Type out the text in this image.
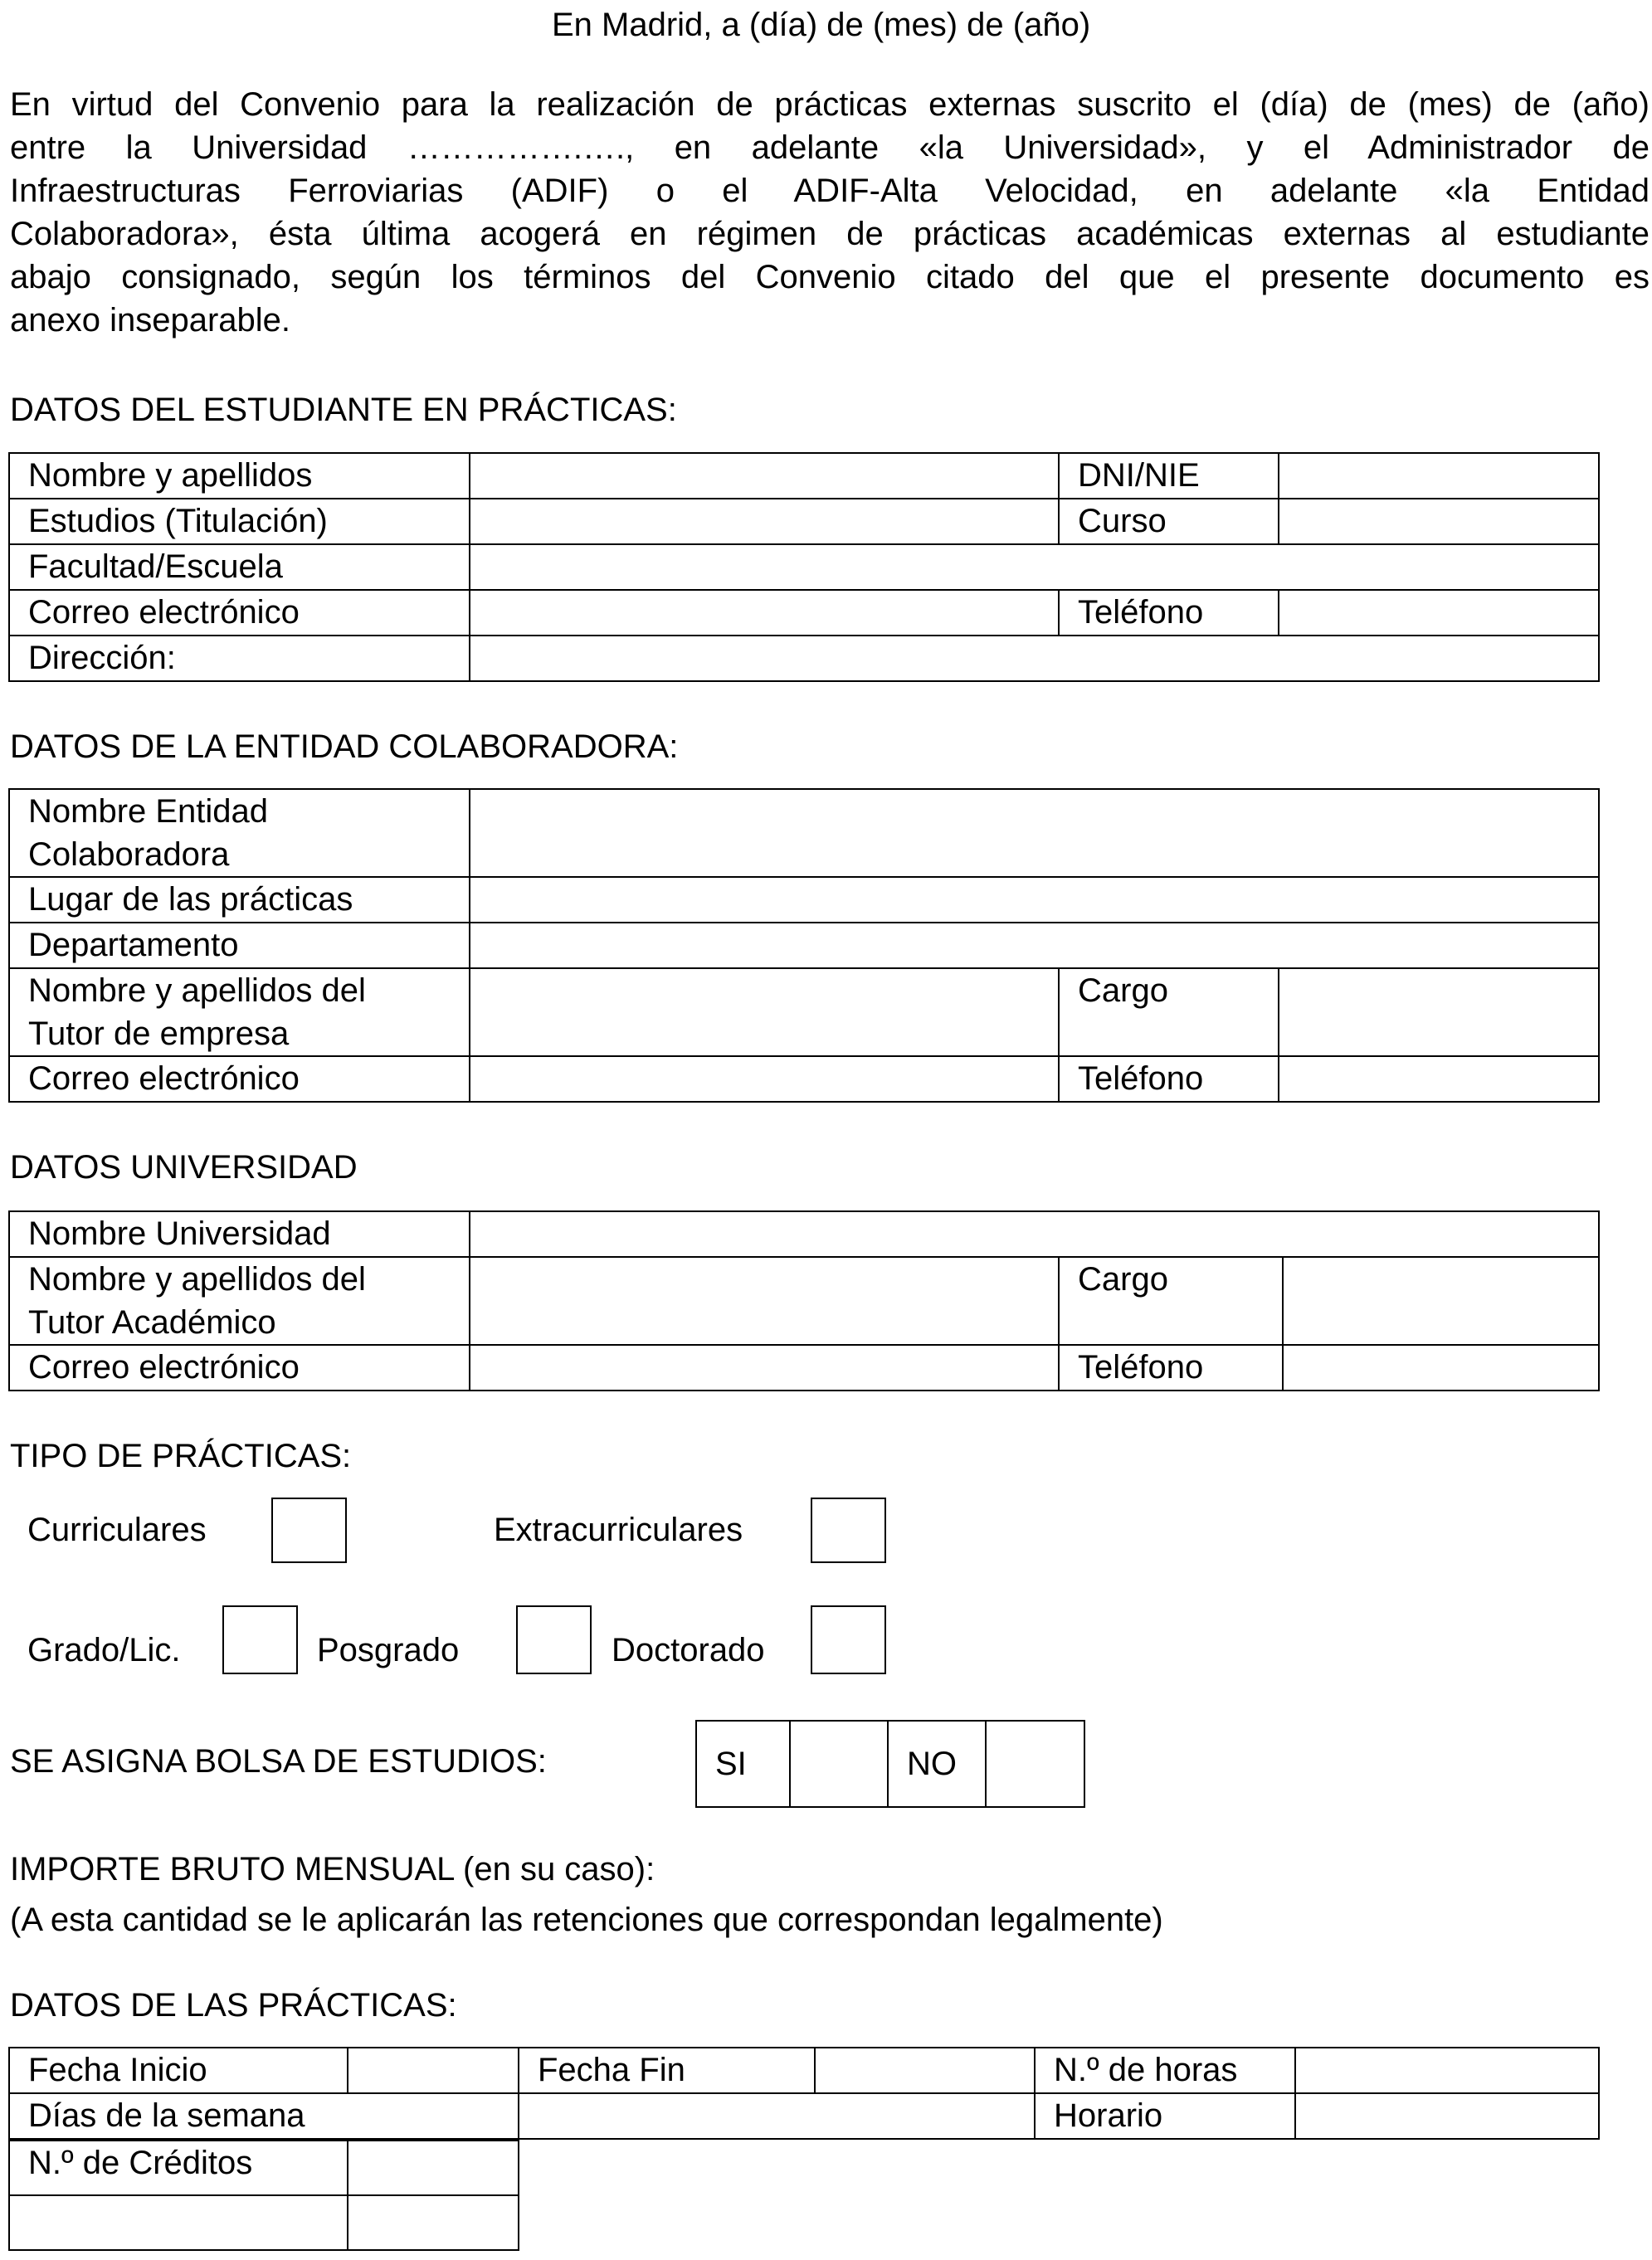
En Madrid, a (día) de (mes) de (año)
En virtud del Convenio para la realización de prácticas externas suscrito el (día) de (mes) de (año)
entre la Universidad …………….…., en adelante «la Universidad», y el Administrador de
Infraestructuras Ferroviarias (ADIF) o el ADIF-Alta Velocidad, en adelante «la Entidad
Colaboradora», ésta última acogerá en régimen de prácticas académicas externas al estudiante
abajo consignado, según los términos del Convenio citado del que el presente documento es
anexo inseparable.
DATOS DEL ESTUDIANTE EN PRÁCTICAS:
Nombre y apellidos		DNI/NIE	
Estudios (Titulación)		Curso	
Facultad/Escuela			
Correo electrónico		Teléfono	
Dirección:			
DATOS DE LA ENTIDAD COLABORADORA:
Nombre Entidad
Colaboradora			
Lugar de las prácticas			
Departamento			
Nombre y apellidos del
Tutor de empresa		Cargo	
Correo electrónico		Teléfono	
DATOS UNIVERSIDAD
Nombre Universidad			
Nombre y apellidos del
Tutor Académico		Cargo	
Correo electrónico		Teléfono	
TIPO DE PRÁCTICAS:
Curriculares	Extracurriculares
Grado/Lic.	Posgrado	Doctorado
SE ASIGNA BOLSA DE ESTUDIOS:	SI		NO	
IMPORTE BRUTO MENSUAL (en su caso):
(A esta cantidad se le aplicarán las retenciones que correspondan legalmente)
DATOS DE LAS PRÁCTICAS:
Fecha Inicio		Fecha Fin		N.º de horas	
Días de la semana				Horario	
N.º de Créditos	
